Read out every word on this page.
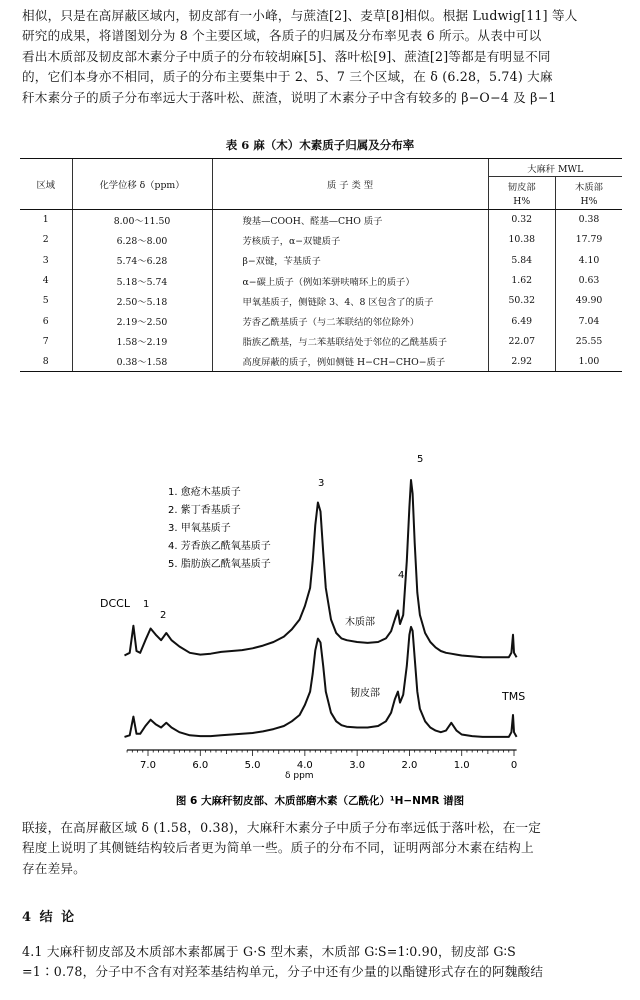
相似，只是在高屏蔽区域内，韧皮部有一小峰，与蔗渣[2]、麦草[8]相似。根据 Ludwig[11] 等人
研究的成果，将谱图划分为 8 个主要区域，各质子的归属及分布率见表 6 所示。从表中可以
看出木质部及韧皮部木素分子中质子的分布较胡麻[5]、落叶松[9]、蔗渣[2]等都是有明显不同
的，它们本身亦不相同，质子的分布主要集中于 2、5、7 三个区域，在 δ (6.28，5.74) 大麻
秆木素分子的质子分布率远大于落叶松、蔗渣，说明了木素分子中含有较多的 β−O−4 及 β−1
表 6 麻（木）木素质子归属及分布率
区域	化学位移 δ（ppm）	质 子 类 型	大麻秆 MWL	
			韧皮部	木质部
			H%	H%
1	8.00～11.50	羧基—COOH、醛基—CHO 质子	0.32	0.38
2	6.28～8.00	芳核质子，α−双键质子	10.38	17.79
3	5.74～6.28	β−双键，苄基质子	5.84	4.10
4	5.18～5.74	α−碳上质子（例如苯骈呋喃环上的质子）	1.62	0.63
5	2.50～5.18	甲氧基质子，侧链除 3、4、8 区包含了的质子	50.32	49.90
6	2.19～2.50	芳香乙酰基质子（与二苯联结的邻位除外）	6.49	7.04
7	1.58～2.19	脂族乙酰基，与二苯基联结处于邻位的乙酰基质子	22.07	25.55
8	0.38～1.58	高度屏蔽的质子，例如侧链 H−CH−CHO−质子	2.92	1.00
1. 愈疮木基质子
2. 紫丁香基质子
3. 甲氧基质子
4. 芳香族乙酰氧基质子
5. 脂肪族乙酰氧基质子
DCCL
TMS
木质部
韧皮部
1
2
3
4
5
7.0	6.0	5.0	4.0	3.0	2.0	1.0	0
δ ppm
图 6 大麻秆韧皮部、木质部磨木素（乙酰化）¹H−NMR 谱图
联接，在高屏蔽区域 δ (1.58，0.38)，大麻秆木素分子中质子分布率远低于落叶松，在一定
程度上说明了其侧链结构较后者更为简单一些。质子的分布不同，证明两部分木素在结构上
存在差异。
4 结 论
4.1 大麻秆韧皮部及木质部木素都属于 G·S 型木素，木质部 G∶S=1∶0.90，韧皮部 G∶S
=1∶0.78，分子中不含有对羟苯基结构单元，分子中还有少量的以酯键形式存在的阿魏酸结
